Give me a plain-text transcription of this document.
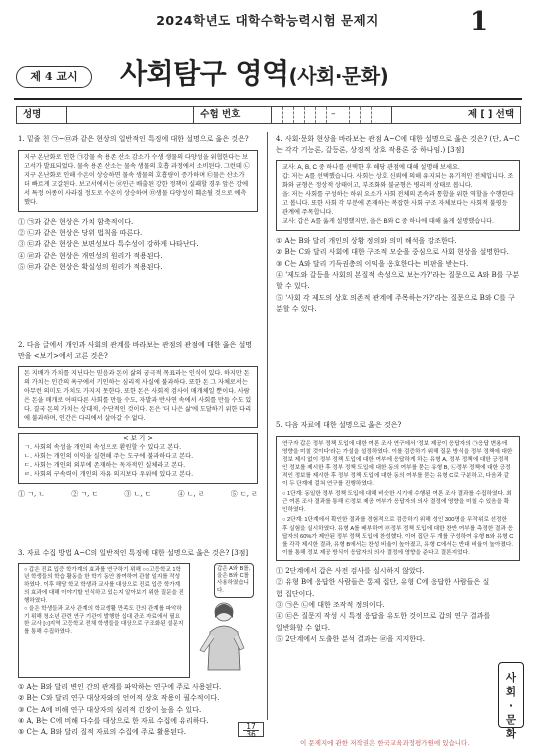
2024학년도 대학수학능력시험 문제지	1
제 4 교시	사회탐구 영역(사회·문화)
성명	수험 번호	–	제 [ ] 선택
1. 밑줄 친 ㉠~㉤과 같은 현상의 일반적인 특징에 대한 설명으로 옳은 것은?
지구 온난화로 인한 ㉠강물 속 용존 산소 감소가 수생 생물의 다양성을 위협한다는 보고서가 발표되었다. 물속 용존 산소는 물속 생물의 호흡 과정에서 소비된다. 그런데 ㉡지구 온난화로 인해 수온이 상승하면 물속 생물의 호흡량이 증가하며 ㉢물은 산소가 더 빠르게 고갈된다. 보고서에서는 ㉣인근 배출된 강한 정책이 실패할 경우 앞은 강에서 특정 어종이 사라질 정도로 수온이 상승하여 ㉤생물 다양성이 훼손될 것으로 예측했다.
① ㉠과 같은 현상은 가치 함축적이다.
② ㉡과 같은 현상은 당위 법칙을 따른다.
③ ㉢과 같은 현상은 보편성보다 특수성이 강하게 나타난다.
④ ㉣과 같은 현상은 개연성의 원리가 적용된다.
⑤ ㉤과 같은 현상은 확실성의 원리가 적용된다.
2. 다음 글에서 개인과 사회의 관계를 바라보는 관점의 관점에 대한 옳은 설명만을 <보기>에서 고른 것은?
돈 지배가 가치를 지닌다는 믿음과 돈이 삶의 궁극적 목표라는 인식이 있다. 하지만 돈의 가치는 인간의 욕구에서 기인하는 심리적 사실에 불과하다. 또한 돈 그 자체로서는 아무런 의미도 가치도 가지지 못한다. 또한 돈은 사회적 검사이 매개체일 뿐이다. 사람은 돈을 매개로 어떠다른 사회를 만들 수도, 자발과 반사연 속에서 사회를 만들 수도 있다. 결국 돈의 가치는 상대적, 수단적인 것이다. 돈은 '더 나은 삶'에 도달하기 위한 다리에 불과하며, 인간은 다리에서 살아갈 수 없다.
< 보 기 >
ㄱ. 사회의 속성을 개인의 속성으로 환원할 수 있다고 본다.
ㄴ. 사회는 개인의 이익을 실현해 주는 도구에 불과하다고 본다.
ㄷ. 사회는 개인의 외부에 존재하는 독자적인 실체라고 본다.
ㄹ. 사회의 구속력이 개인의 자유 의지보다 우위에 있다고 본다.
① ㄱ, ㄴ	② ㄱ, ㄷ	③ ㄴ, ㄷ	④ ㄴ, ㄹ	⑤ ㄷ, ㄹ
3. 자료 수집 방법 A~C의 일반적인 특징에 대한 설명으로 옳은 것은? [3점]
○ 갑은 진료 입증 학가계의 효과를 연구하기 위해 ○○고등학교 1학년 학생들의 학습 활동을 한 학기 동안 참여하여 관찰 일지를 작성하였다. 이후 해당 학교 학생과 교사를 대상으로 진료 입증 학가계의 효과에 대해 이야기할 인식하고 있는지 알아보기 위한 질문을 진행하였다.
○ 을은 학생들과 교사 관계의 학교생활 만족도 간의 관계를 파악하기 위해 청소년 관련 연구 기관이 발행한 십대 관조 자료에서 필요한 교사 [○]지역 고등학교 전체 학생들을 대상으로 구조화된 설문지를 통해 수집하였다.
갑은 A와 B를, 을은 B와 C를 사용하였습니다.
① A는 B와 달리 변인 간의 관계를 파악하는 연구에 주로 사용된다.
② B는 C와 달리 연구 대상자와의 언어적 상호 작용이 필수적이다.
③ C는 A에 비해 연구 대상자의 심리적 긴장이 높을 수 있다.
④ A, B는 C에 비해 다수를 대상으로 한 자료 수집에 유리하다.
⑤ C는 A, B와 달리 질적 자료의 수집에 주로 활용된다.
4. 사회·문화 현상을 바라보는 관점 A~C에 대한 설명으로 옳은 것은? (단, A~C는 각각 기능론, 갈등론, 상징적 상호 작용론 중 하나임.) [3점]
교사: A, B, C 중 하나를 선택한 후 해당 관점에 대해 설명해 보세요.
갑: 저는 A를 선택했습니다. 사회는 상호 신뢰에 의해 유지되는 유기적인 전체입니다. 조화와 균형은 정상적 상태이고, 부조화와 불균형은 병리적 상태로 봅니다.
을: 저는 사회를 구성하는 하위 요소가 사회 전체의 존속과 통합을 위한 역할을 수행한다고 봅니다. 또한 사회 각 부분에 존재하는 복잡한 사회 구조 자체보다는 사회적 불평등 관계에 주목합니다.
교사: 갑은 A를 옳게 설명했지만, 을은 B와 C 중 하나에 대해 옳게 설명했습니다.
① A는 B와 달리 개인의 상황 정의와 의미 해석을 강조한다.
② B는 C와 달리 사회에 대한 구조적 모순을 중심으로 사회 현상을 설명한다.
③ C는 A와 달리 기득권층의 이익을 옹호한다는 비판을 받는다.
④ '제도와 갈등을 사회의 본질적 속성으로 보는가?'라는 질문으로 A와 B를 구분할 수 있다.
⑤ '사회 각 제도의 상호 의존적 관계에 주목하는가?'라는 질문으로 B와 C를 구분할 수 있다.
5. 다음 자료에 대한 설명으로 옳은 것은?
연구자 갑은 정부 정책 도입에 대한 여론 조사 연구에서 '정보 제공이 응답자의 ㉠응답 변용에 영향을 미칠 것이다'라는 가설을 설정하였다. 이를 검증하기 위해 질문 방식을 정부 정책에 대한 정보 제시 없이 정부 정책 도입에 대한 여부에 응답하게 하는 유형 A, 정부 정책에 대한 긍정적인 정보를 제시한 후 정부 정책 도입에 대한 동의 여부를 묻는 유형 B, ㉡정부 정책에 대한 긍정적인 정보를 제시한 후 정부 정책 도입에 대한 동의 여부를 묻는 유형 C로 구분하고, 다음과 같이 두 단계에 걸쳐 연구를 진행하였다.
○ 1단계: 동일한 정부 정책 도입에 대해 비슷한 시기에 수행된 여론 조사 결과를 수집하였다. 최근 여론 조사 결과를 통해 ㉢정보 제공 여부가 응답자의 의사 결정에 영향을 미칠 수 있음을 확인하였다.
○ 2단계: 1단계에서 확인한 결과를 경험적으로 검증하기 위해 성인 300명을 무작위로 선정한 후 실험을 실시하였다. 유형 A를 배부하여 ㉣정부 정책 도입에 대한 찬반 여부를 측정한 결과 응답자의 60%가 제안된 정부 정책 도입에 찬성했다. 이어 집단 두 개를 구성하여 유형 B와 유형 C를 각각 제시한 결과, 유형 B에서는 찬성 비율이 높아졌고, 유형 C에서는 반대 비율이 높아졌다. 이를 통해 정보 제공 방식이 응답자의 의사 결정에 영향을 준다고 결론지었다.
① 2단계에서 갑은 사전 검사를 실시하지 않았다.
② 유형 B에 응답한 사람들은 통제 집단, 유형 C에 응답한 사람들은 실험 집단이다.
③ ㉠은 ㉡에 대한 조작적 정의이다.
④ ㉢은 질문지 작성 시 특정 응답을 유도한 것이므로 갑의 연구 결과를 일반화할 수 없다.
⑤ 2단계에서 도출한 분석 결과는 ㉣을 지지한다.
사회·문화
17
36
이 문제지에 관한 저작권은 한국교육과정평가원에 있습니다.
